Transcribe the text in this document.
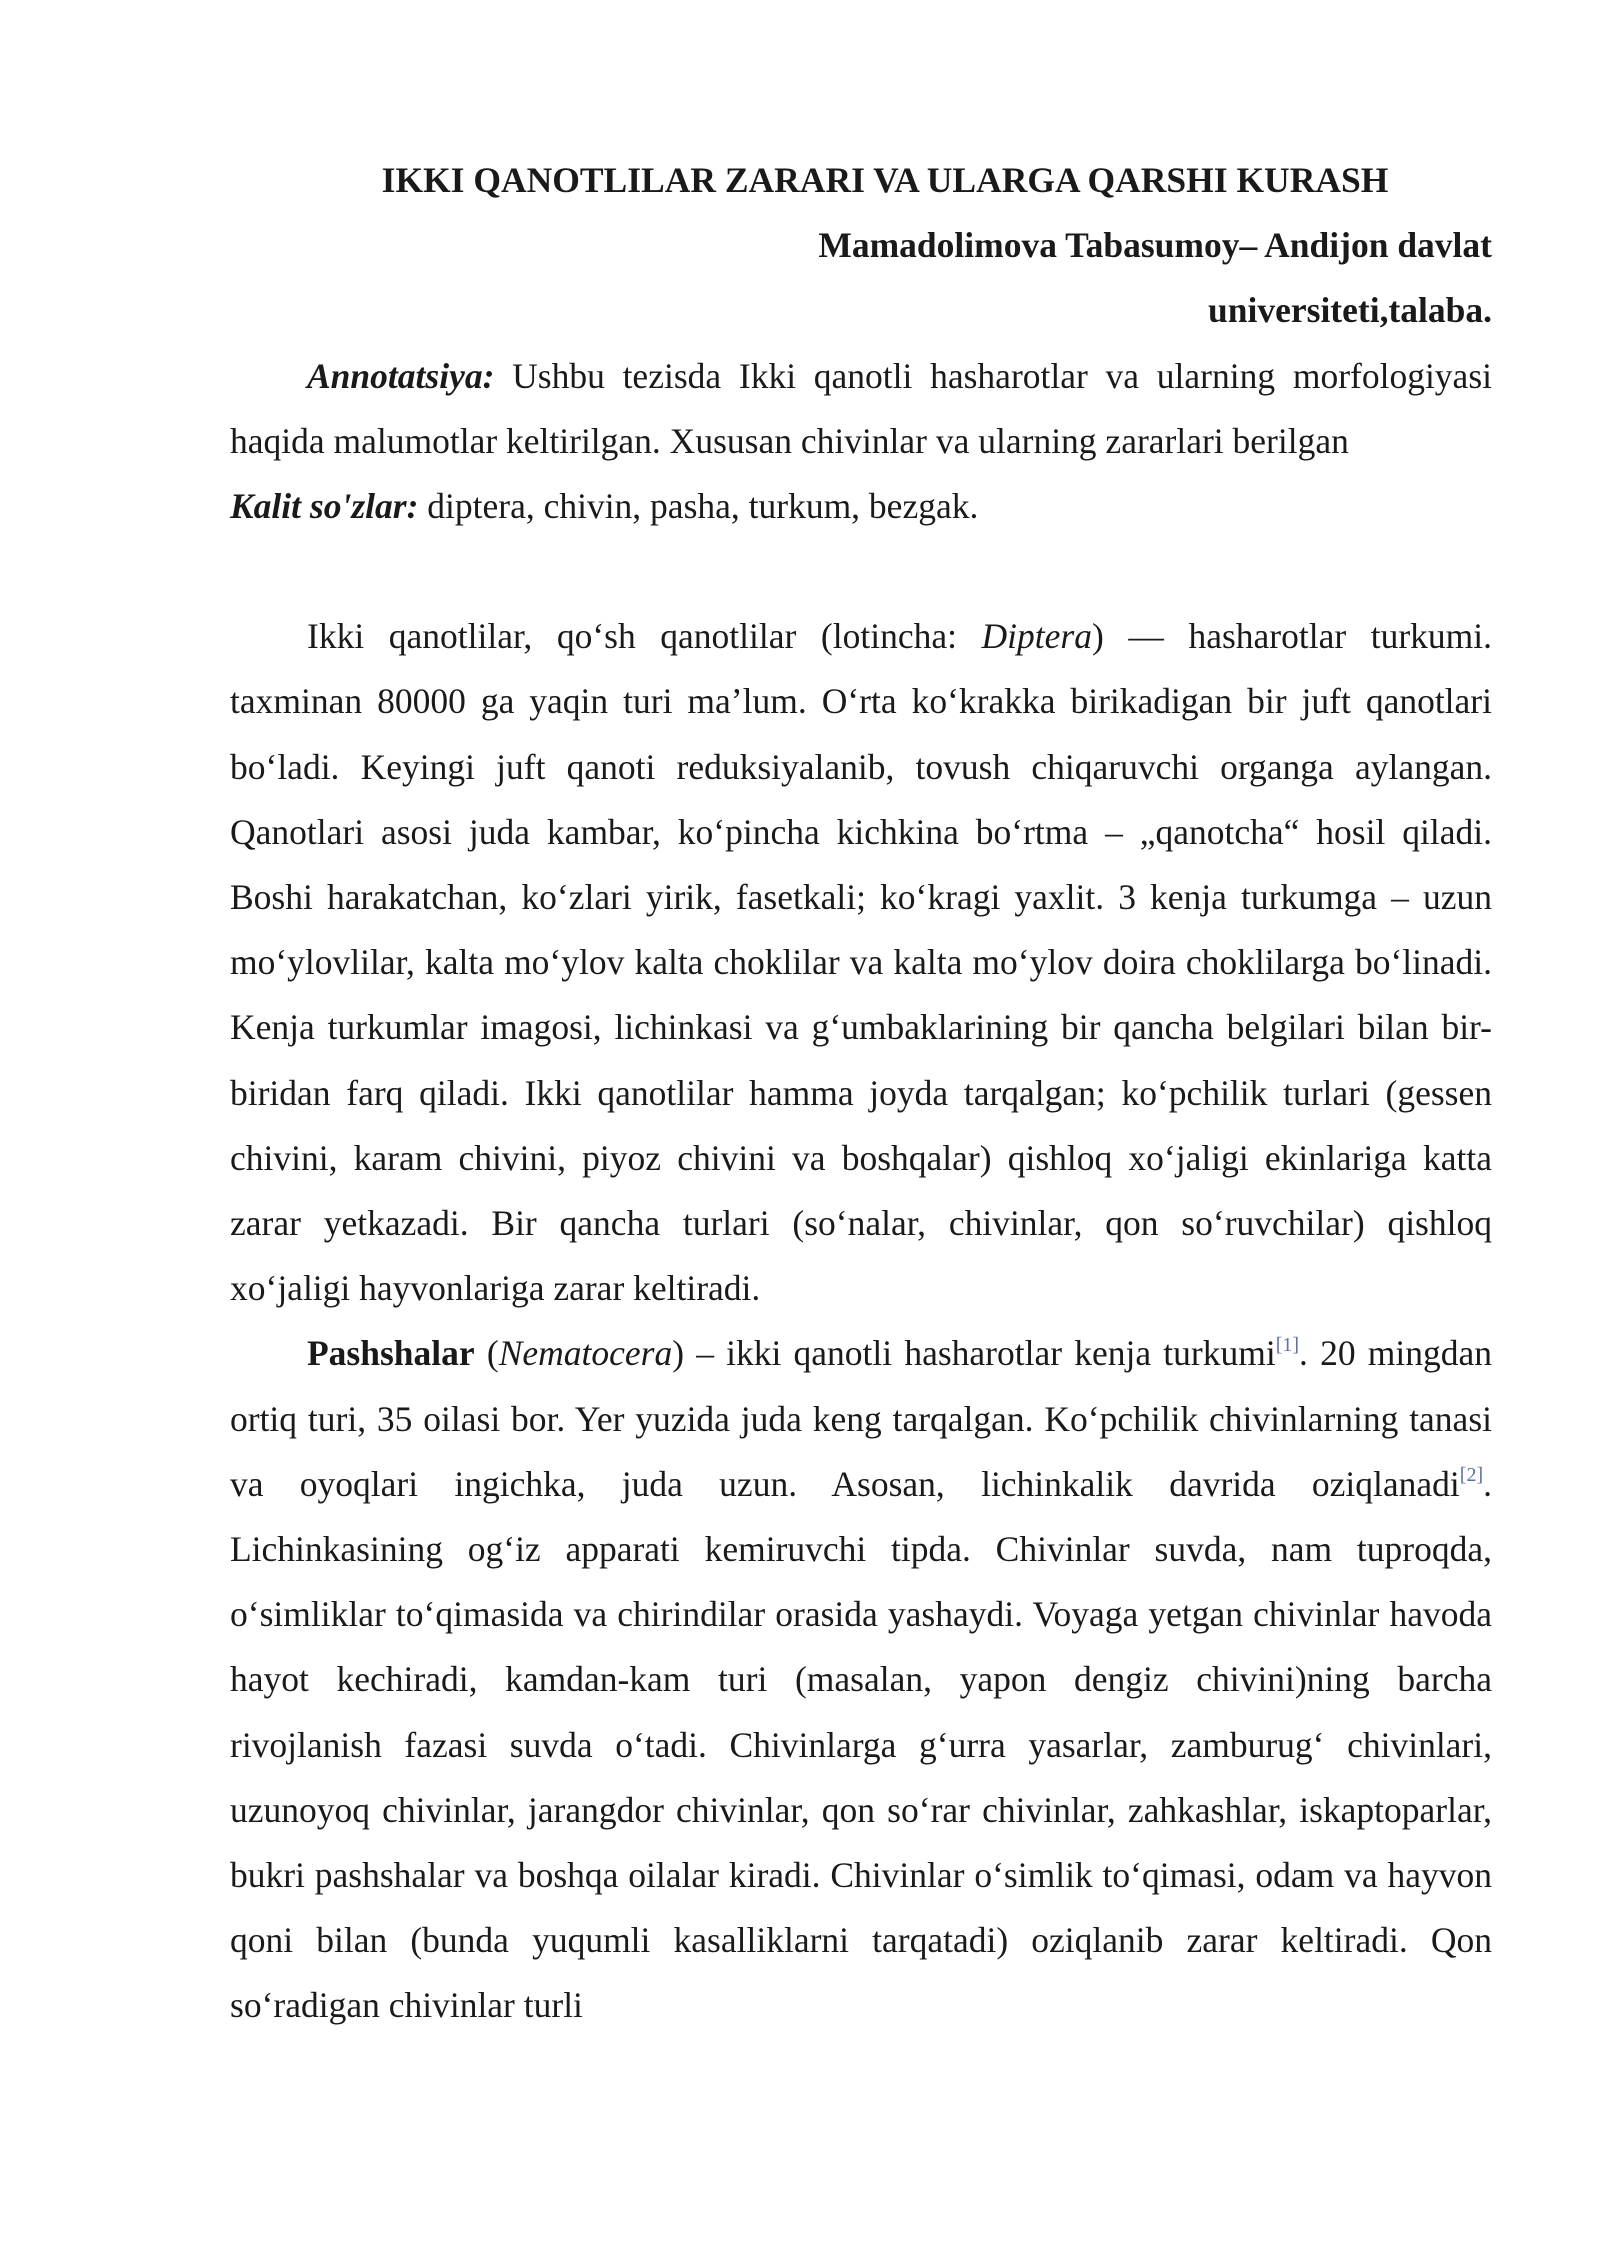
IKKI QANOTLILAR ZARARI VA ULARGA QARSHI KURASH

Mamadolimova Tabasumoy– Andijon davlat

universiteti,talaba.

Annotatsiya: Ushbu tezisda Ikki qanotli hasharotlar va ularning morfologiyasi haqida malumotlar keltirilgan. Xususan chivinlar va ularning zararlari berilgan

Kalit so'zlar: diptera, chivin, pasha, turkum, bezgak.

Ikki qanotlilar, qoʻsh qanotlilar (lotincha: Diptera) — hasharotlar turkumi. taxminan 80000 ga yaqin turi maʼlum. Oʻrta koʻkrakka birikadigan bir juft qanotlari boʻladi. Keyingi juft qanoti reduksiyalanib, tovush chiqaruvchi organga aylangan. Qanotlari asosi juda kambar, koʻpincha kichkina boʻrtma – „qanotcha“ hosil qiladi. Boshi harakatchan, koʻzlari yirik, fasetkali; koʻkragi yaxlit. 3 kenja turkumga – uzun moʻylovlilar, kalta moʻylov kalta choklilar va kalta moʻylov doira choklilarga boʻlinadi. Kenja turkumlar imagosi, lichinkasi va gʻumbaklarining bir qancha belgilari bilan bir-biridan farq qiladi. Ikki qanotlilar hamma joyda tarqalgan; koʻpchilik turlari (gessen chivini, karam chivini, piyoz chivini va boshqalar) qishloq xoʻjaligi ekinlariga katta zarar yetkazadi. Bir qancha turlari (soʻnalar, chivinlar, qon soʻruvchilar) qishloq xoʻjaligi hayvonlariga zarar keltiradi.

Pashshalar (Nematocera) – ikki qanotli hasharotlar kenja turkumi[1]. 20 mingdan ortiq turi, 35 oilasi bor. Yer yuzida juda keng tarqalgan. Koʻpchilik chivinlarning tanasi va oyoqlari ingichka, juda uzun. Asosan, lichinkalik davrida oziqlanadi[2]. Lichinkasining ogʻiz apparati kemiruvchi tipda. Chivinlar suvda, nam tuproqda, oʻsimliklar toʻqimasida va chirindilar orasida yashaydi. Voyaga yetgan chivinlar havoda hayot kechiradi, kamdan-kam turi (masalan, yapon dengiz chivini)ning barcha rivojlanish fazasi suvda oʻtadi. Chivinlarga gʻurra yasarlar, zamburugʻ chivinlari, uzunoyoq chivinlar, jarangdor chivinlar, qon soʻrar chivinlar, zahkashlar, iskaptoparlar, bukri pashshalar va boshqa oilalar kiradi. Chivinlar oʻsimlik toʻqimasi, odam va hayvon qoni bilan (bunda yuqumli kasalliklarni tarqatadi) oziqlanib zarar keltiradi. Qon soʻradigan chivinlar turli
